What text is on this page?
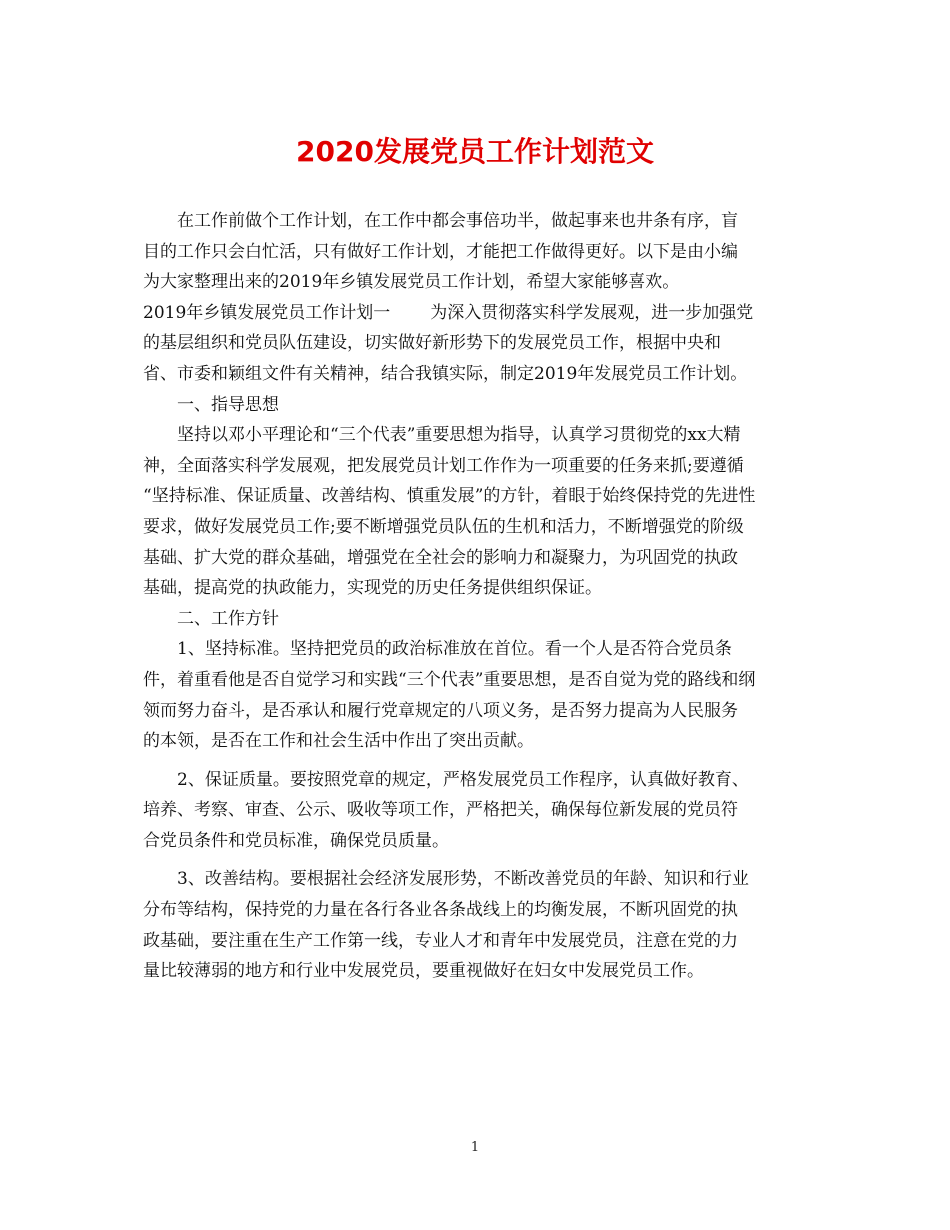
2020发展党员工作计划范文
在工作前做个工作计划，在工作中都会事倍功半，做起事来也井条有序，盲
目的工作只会白忙活，只有做好工作计划，才能把工作做得更好。以下是由小编
为大家整理出来的2019年乡镇发展党员工作计划，希望大家能够喜欢。
2019年乡镇发展党员工作计划一 为深入贯彻落实科学发展观，进一步加强党
的基层组织和党员队伍建设，切实做好新形势下的发展党员工作，根据中央和
省、市委和颖组文件有关精神，结合我镇实际，制定2019年发展党员工作计划。
一、指导思想
坚持以邓小平理论和“三个代表”重要思想为指导，认真学习贯彻党的xx大精
神，全面落实科学发展观，把发展党员计划工作作为一项重要的任务来抓;要遵循
“坚持标准、保证质量、改善结构、慎重发展”的方针，着眼于始终保持党的先进性
要求，做好发展党员工作;要不断增强党员队伍的生机和活力，不断增强党的阶级
基础、扩大党的群众基础，增强党在全社会的影响力和凝聚力，为巩固党的执政
基础，提高党的执政能力，实现党的历史任务提供组织保证。
二、工作方针
1、坚持标准。坚持把党员的政治标准放在首位。看一个人是否符合党员条
件，着重看他是否自觉学习和实践“三个代表”重要思想，是否自觉为党的路线和纲
领而努力奋斗，是否承认和履行党章规定的八项义务，是否努力提高为人民服务
的本领，是否在工作和社会生活中作出了突出贡献。
2、保证质量。要按照党章的规定，严格发展党员工作程序，认真做好教育、
培养、考察、审查、公示、吸收等项工作，严格把关，确保每位新发展的党员符
合党员条件和党员标准，确保党员质量。
3、改善结构。要根据社会经济发展形势，不断改善党员的年龄、知识和行业
分布等结构，保持党的力量在各行各业各条战线上的均衡发展，不断巩固党的执
政基础，要注重在生产工作第一线，专业人才和青年中发展党员，注意在党的力
量比较薄弱的地方和行业中发展党员，要重视做好在妇女中发展党员工作。
1
